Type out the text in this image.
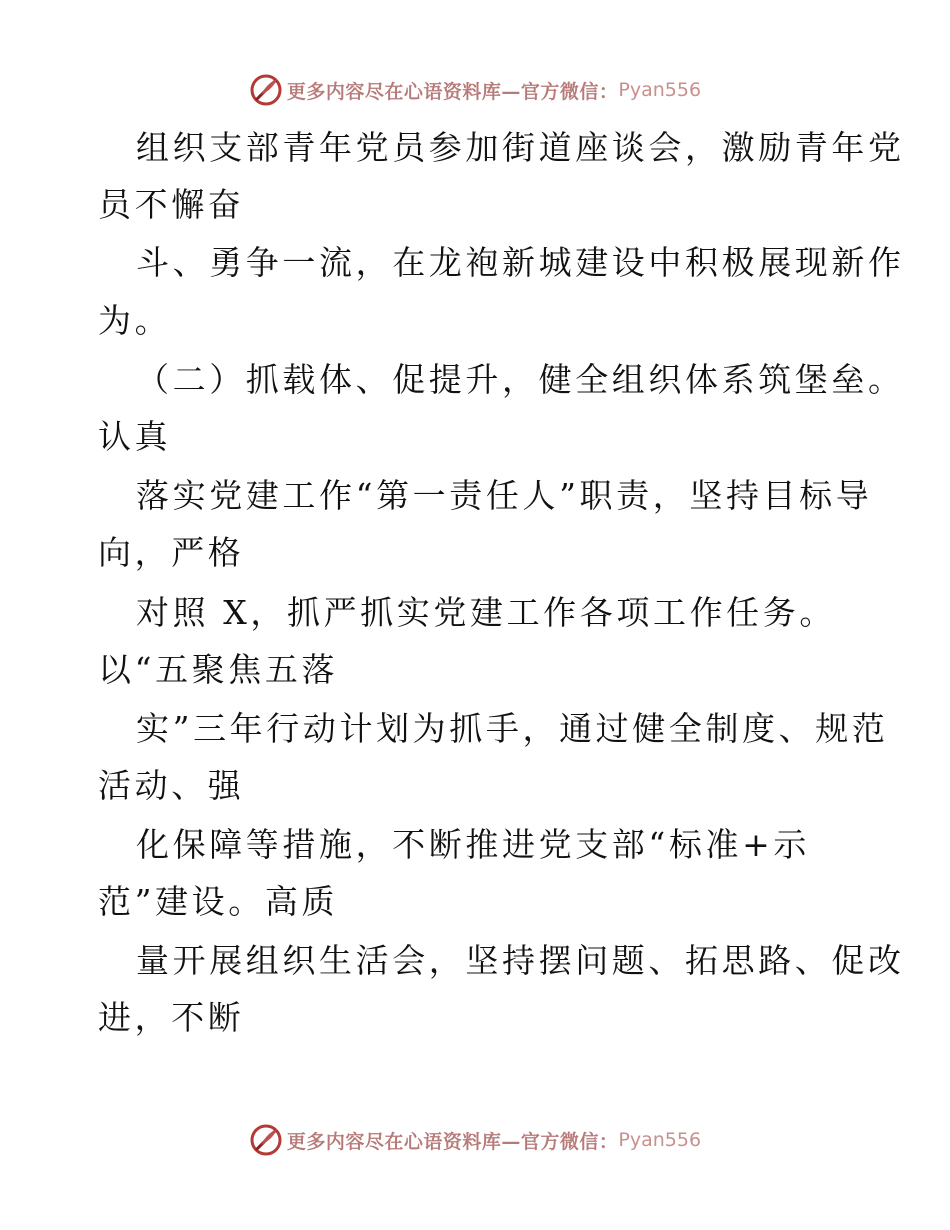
更多内容尽在心语资料库—官方微信： Pyan556
组织支部青年党员参加街道座谈会，激励青年党
员不懈奋
斗、勇争一流，在龙袍新城建设中积极展现新作
为。
（二）抓载体、促提升，健全组织体系筑堡垒。
认真
落实党建工作“第一责任人”职责，坚持目标导
向，严格
对照 X，抓严抓实党建工作各项工作任务。
以“五聚焦五落
实”三年行动计划为抓手，通过健全制度、规范
活动、强
化保障等措施，不断推进党支部“标准+示
范”建设。高质
量开展组织生活会，坚持摆问题、拓思路、促改
进，不断
更多内容尽在心语资料库—官方微信： Pyan556
